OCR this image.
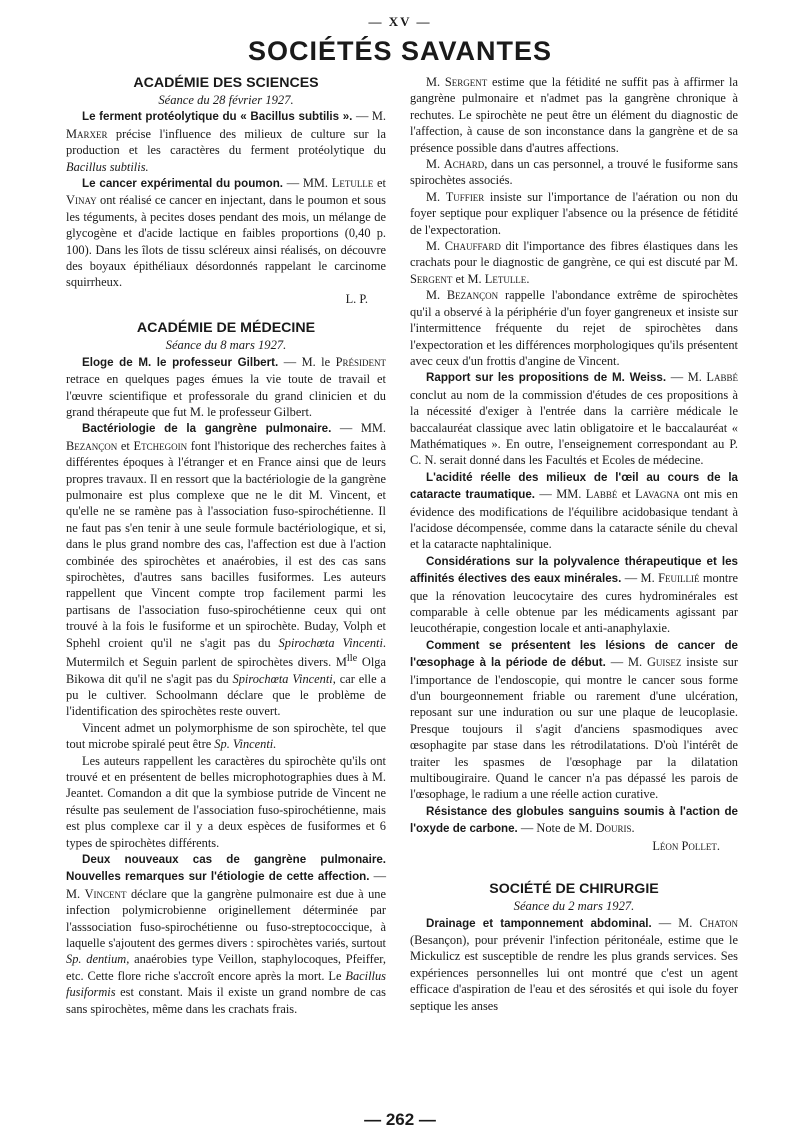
— XV —
SOCIÉTÉS SAVANTES
ACADÉMIE DES SCIENCES

Séance du 28 février 1927.

Le ferment protéolytique du « Bacillus subtilis ». — M. Marxer précise l'influence des milieux de culture sur la production et les caractères du ferment protéolytique du Bacillus subtilis.

Le cancer expérimental du poumon. — MM. Letulle et Vinay ont réalisé ce cancer en injectant, dans le poumon et sous les téguments, à pecites doses pendant des mois, un mélange de glycogène et d'acide lactique en faibles proportions (0,40 p. 100). Dans les îlots de tissu scléreux ainsi réalisés, on découvre des boyaux épithéliaux désordonnés rappelant le carcinome squirrheux.

L. P.

ACADÉMIE DE MÉDECINE

Séance du 8 mars 1927.

Eloge de M. le professeur Gilbert. — M. le Président retrace en quelques pages émues la vie toute de travail et l'œuvre scientifique et professorale du grand clinicien et du grand thérapeute que fut M. le professeur Gilbert.

Bactériologie de la gangrène pulmonaire. — MM. Bezançon et Etchegoin font l'historique des recherches faites à différentes époques à l'étranger et en France ainsi que de leurs propres travaux. Il en ressort que la bactériologie de la gangrène pulmonaire est plus complexe que ne le dit M. Vincent, et qu'elle ne se ramène pas à l'association fuso-spirochétienne. Il ne faut pas s'en tenir à une seule formule bactériologique, et si, dans le plus grand nombre des cas, l'affection est due à l'action combinée des spirochètes et anaérobies, il est des cas sans spirochètes, d'autres sans bacilles fusiformes. Les auteurs rappellent que Vincent compte trop facilement parmi les partisans de l'association fuso-spirochétienne ceux qui ont trouvé à la fois le fusiforme et un spirochète. Buday, Volph et Sphehl croient qu'il ne s'agit pas du Spirochœta Vincenti. Mutermilch et Seguin parlent de spirochètes divers. $M^{lle}$ Olga Bikowa dit qu'il ne s'agit pas du Spirochœta Vincenti, car elle a pu le cultiver. Schoolmann déclare que le problème de l'identification des spirochètes reste ouvert.

Vincent admet un polymorphisme de son spirochète, tel que tout microbe spiralé peut être Sp. Vincenti.

Les auteurs rappellent les caractères du spirochète qu'ils ont trouvé et en présentent de belles microphotographies dues à M. Jeantet. Comandon a dit que la symbiose putride de Vincent ne résulte pas seulement de l'association fuso-spirochétienne, mais est plus complexe car il y a deux espèces de fusiformes et 6 types de spirochètes différents.

Deux nouveaux cas de gangrène pulmonaire. Nouvelles remarques sur l'étiologie de cette affection. — M. Vincent déclare que la gangrène pulmonaire est due à une infection polymicrobienne originellement déterminée par l'asssociation fuso-spirochétienne ou fuso-streptococcique, à laquelle s'ajoutent des germes divers : spirochètes variés, surtout Sp. dentium, anaérobies type Veillon, staphylocoques, Pfeiffer, etc. Cette flore riche s'accroît encore après la mort. Le Bacillus fusiformis est constant. Mais il existe un grand nombre de cas sans spirochètes, même dans les crachats frais.

M. Sergent estime que la fétidité ne suffit pas à affirmer la gangrène pulmonaire et n'admet pas la gangrène chronique à rechutes. Le spirochète ne peut être un élément du diagnostic de l'affection, à cause de son inconstance dans la gangrène et de sa présence possible dans d'autres affections.

M. Achard, dans un cas personnel, a trouvé le fusiforme sans spirochètes associés.

M. Tuffier insiste sur l'importance de l'aération ou non du foyer septique pour expliquer l'absence ou la présence de fétidité de l'expectoration.

M. Chauffard dit l'importance des fibres élastiques dans les crachats pour le diagnostic de gangrène, ce qui est discuté par M. Sergent et M. Letulle.

M. Bezançon rappelle l'abondance extrême de spirochètes qu'il a observé à la périphérie d'un foyer gangreneux et insiste sur l'intermittence fréquente du rejet de spirochètes dans l'expectoration et les différences morphologiques qu'ils présentent avec ceux d'un frottis d'angine de Vincent.

Rapport sur les propositions de M. Weiss. — M. Labbé conclut au nom de la commission d'études de ces propositions à la nécessité d'exiger à l'entrée dans la carrière médicale le baccalauréat classique avec latin obligatoire et le baccalauréat « Mathématiques ». En outre, l'enseignement correspondant au P. C. N. serait donné dans les Facultés et Ecoles de médecine.

L'acidité réelle des milieux de l'œil au cours de la cataracte traumatique. — MM. Labbé et Lavagna ont mis en évidence des modifications de l'équilibre acidobasique tendant à l'acidose décompensée, comme dans la cataracte sénile du cheval et la cataracte naphtalinique.

Considérations sur la polyvalence thérapeutique et les affinités électives des eaux minérales. — M. Feuillié montre que la rénovation leucocytaire des cures hydrominérales est comparable à celle obtenue par les médicaments agissant par leucothérapie, congestion locale et anti-anaphylaxie.

Comment se présentent les lésions de cancer de l'œsophage à la période de début. — M. Guisez insiste sur l'importance de l'endoscopie, qui montre le cancer sous forme d'un bourgeonnement friable ou rarement d'une ulcération, reposant sur une induration ou sur une plaque de leucoplasie. Presque toujours il s'agit d'anciens spasmodiques avec œsophagite par stase dans les rétrodilatations. D'où l'intérêt de traiter les spasmes de l'œsophage par la dilatation multibougiraire. Quand le cancer n'a pas dépassé les parois de l'œsophage, le radium a une réelle action curative.

Résistance des globules sanguins soumis à l'action de l'oxyde de carbone. — Note de M. Douris.

Léon Pollet.

SOCIÉTÉ DE CHIRURGIE

Séance du 2 mars 1927.

Drainage et tamponnement abdominal. — M. Chaton (Besançon), pour prévenir l'infection péritonéale, estime que le Mickulicz est susceptible de rendre les plus grands services. Ses expériences personnelles lui ont montré que c'est un agent efficace d'aspiration de l'eau et des sérosités et qui isole du foyer septique les anses

— 262 —
